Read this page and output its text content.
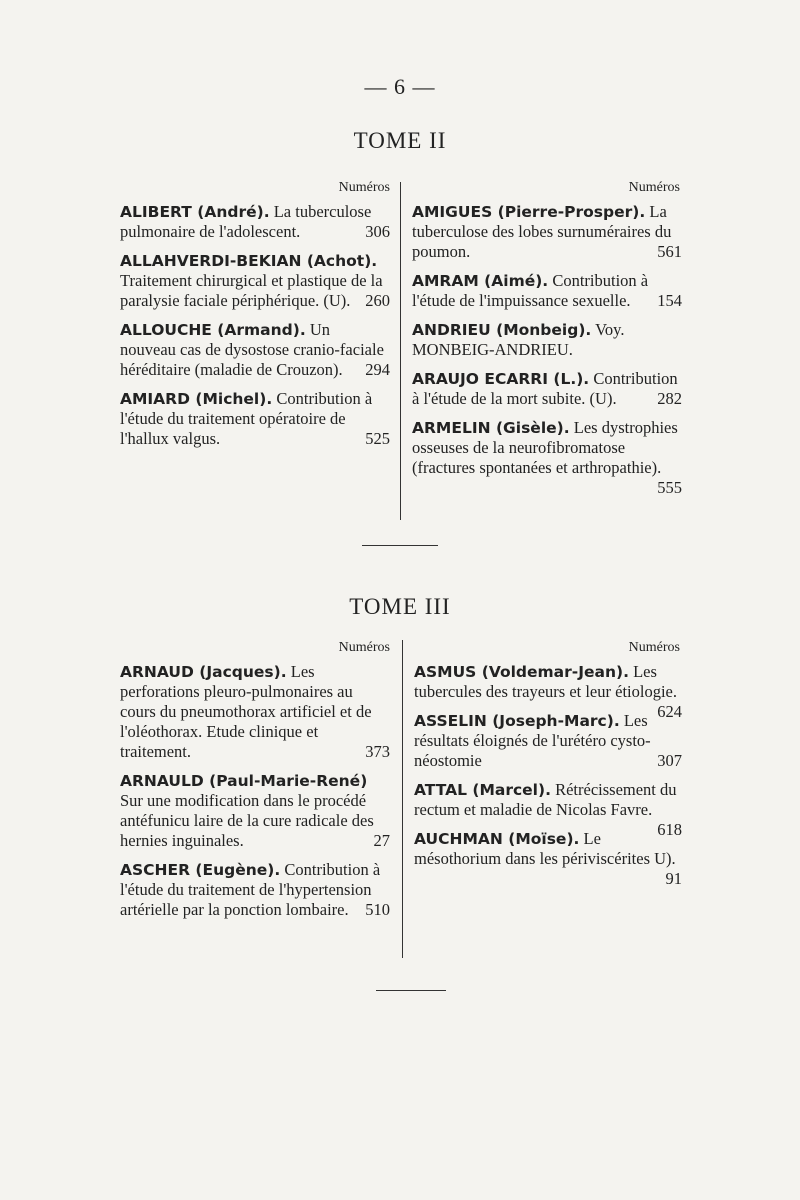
— 6 —
TOME II
Numéros	Numéros
ALIBERT (André). La tuberculose pulmonaire de l'adolescent.	306
ALLAHVERDI-BEKIAN (Achot). Traitement chirurgical et plastique de la paralysie faciale périphérique. (U). 260
ALLOUCHE (Armand). Un nouveau cas de dysostose cranio-faciale héréditaire (maladie de Crouzon). 294
AMIARD (Michel). Contribution à l'étude du traitement opératoire de l'hallux valgus.	525
AMIGUES (Pierre-Prosper). La tuberculose des lobes surnuméraires du poumon.	561
AMRAM (Aimé). Contribution à l'étude de l'impuissance sexuelle. 154
ANDRIEU (Monbeig). Voy. MONBEIG-ANDRIEU.
ARAUJO ECARRI (L.). Contribution à l'étude de la mort subite. (U). 282
ARMELIN (Gisèle). Les dystrophies osseuses de la neurofibromatose (fractures spontanées et arthropathie).
555
TOME III
Numéros	Numéros
ARNAUD (Jacques). Les perforations pleuro-pulmonaires au cours du pneumothorax artificiel et de l'oléothorax. Etude clinique et traitement.	373
ARNAULD (Paul-Marie-René) Sur une modification dans le procédé antéfunicu laire de la cure radicale des hernies inguinales.	27
ASCHER (Eugène). Contribution à l'étude du traitement de l'hypertension artérielle par la ponction lombaire. 510
ASMUS (Voldemar-Jean). Les tubercules des trayeurs et leur étiologie.
624
ASSELIN (Joseph-Marc). Les résultats éloignés de l'urétéro cysto-néostomie	307
ATTAL (Marcel). Rétrécissement du rectum et maladie de Nicolas Favre.
618
AUCHMAN (Moïse). Le mésothorium dans les périviscérites U).
91
